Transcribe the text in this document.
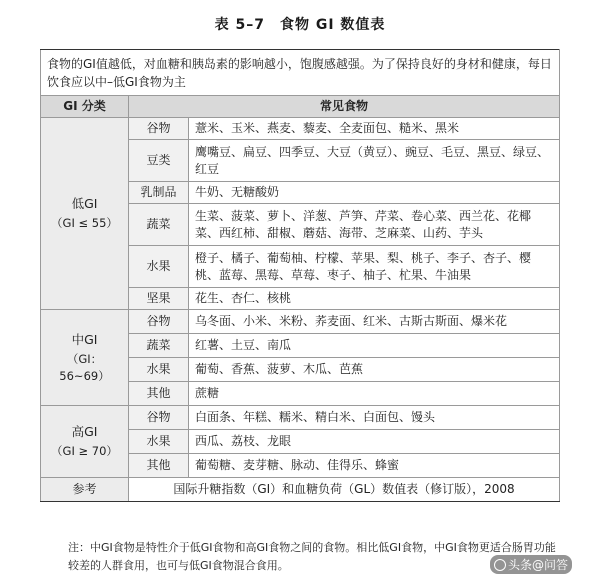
表 5–7　食物 GI 数值表
食物的GI值越低，对血糖和胰岛素的影响越小，饱腹感越强。为了保持良好的身材和健康，每日饮食应以中–低GI食物为主		
GI 分类	常见食物	
低GI
（GI ≤ 55）	谷物	薏米、玉米、燕麦、藜麦、全麦面包、糙米、黑米
	豆类	鹰嘴豆、扁豆、四季豆、大豆（黄豆）、豌豆、毛豆、黑豆、绿豆、红豆
	乳制品	牛奶、无糖酸奶
	蔬菜	生菜、菠菜、萝卜、洋葱、芦笋、芹菜、卷心菜、西兰花、花椰菜、西红柿、甜椒、蘑菇、海带、芝麻菜、山药、芋头
	水果	橙子、橘子、葡萄柚、柠檬、苹果、梨、桃子、李子、杏子、樱桃、蓝莓、黑莓、草莓、枣子、柚子、杧果、牛油果
	坚果	花生、杏仁、核桃
中GI
（GI：56~69）	谷物	乌冬面、小米、米粉、荞麦面、红米、古斯古斯面、爆米花
	蔬菜	红薯、土豆、南瓜
	水果	葡萄、香蕉、菠萝、木瓜、芭蕉
	其他	蔗糖
高GI
（GI ≥ 70）	谷物	白面条、年糕、糯米、精白米、白面包、馒头
	水果	西瓜、荔枝、龙眼
	其他	葡萄糖、麦芽糖、脉动、佳得乐、蜂蜜
参考	国际升糖指数（GI）和血糖负荷（GL）数值表（修订版），2008	
注：中GI食物是特性介于低GI食物和高GI食物之间的食物。相比低GI食物，中GI食物更适合肠胃功能较差的人群食用，也可与低GI食物混合食用。	头条@问答
